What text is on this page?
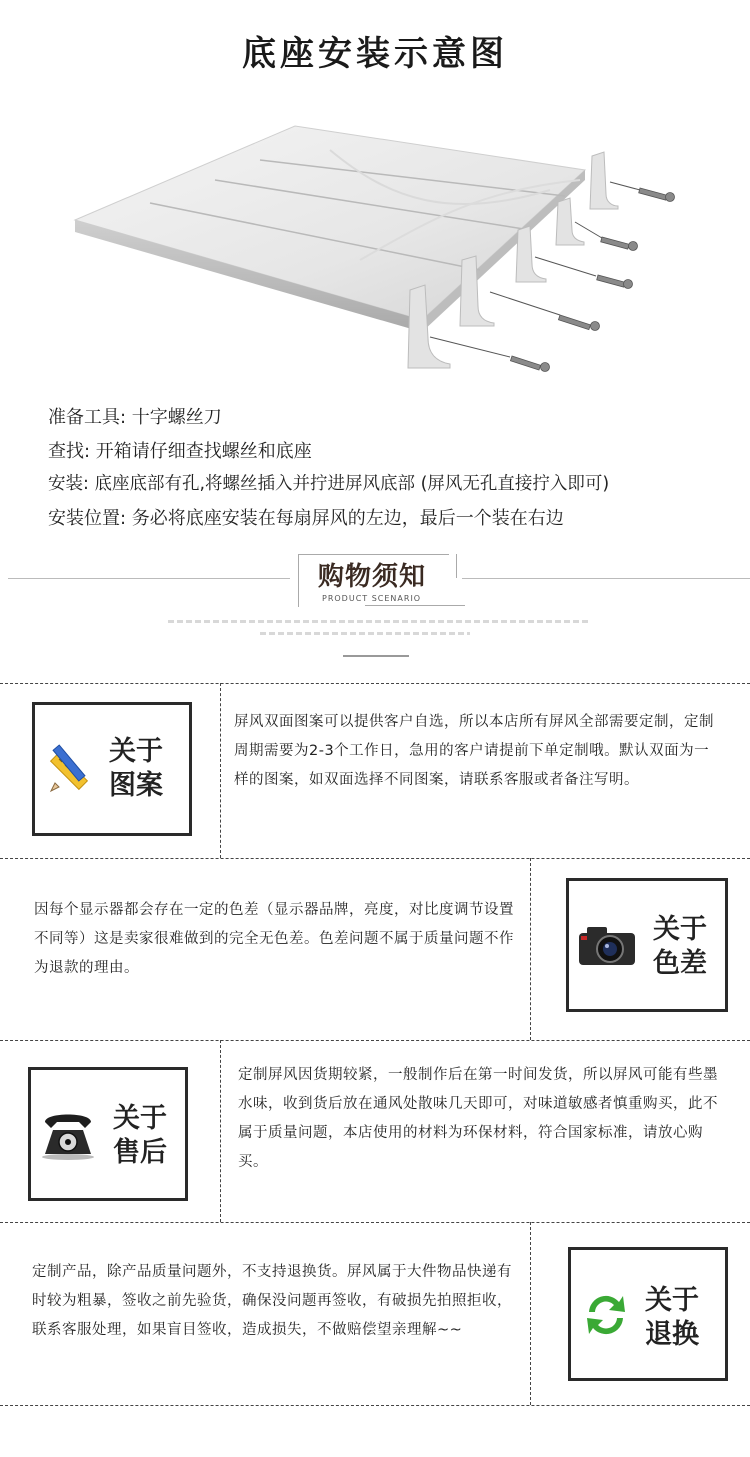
底座安装示意图
准备工具: 十字螺丝刀
查找: 开箱请仔细查找螺丝和底座
安装: 底座底部有孔,将螺丝插入并拧进屏风底部 (屏风无孔直接拧入即可)
安装位置: 务必将底座安装在每扇屏风的左边，最后一个装在右边
购物须知
PRODUCT SCENARIO
关于
图案
屏风双面图案可以提供客户自选，所以本店所有屏风全部需要定制，定制周期需要为2-3个工作日，急用的客户请提前下单定制哦。默认双面为一样的图案，如双面选择不同图案，请联系客服或者备注写明。
因每个显示器都会存在一定的色差（显示器品牌，亮度，对比度调节设置不同等）这是卖家很难做到的完全无色差。色差问题不属于质量问题不作为退款的理由。
关于
色差
关于
售后
定制屏风因货期较紧，一般制作后在第一时间发货，所以屏风可能有些墨水味，收到货后放在通风处散味几天即可，对味道敏感者慎重购买，此不属于质量问题，本店使用的材料为环保材料，符合国家标准，请放心购买。
定制产品，除产品质量问题外，不支持退换货。屏风属于大件物品快递有时较为粗暴，签收之前先验货，确保没问题再签收，有破损先拍照拒收，联系客服处理，如果盲目签收，造成损失，不做赔偿望亲理解~~
关于
退换
